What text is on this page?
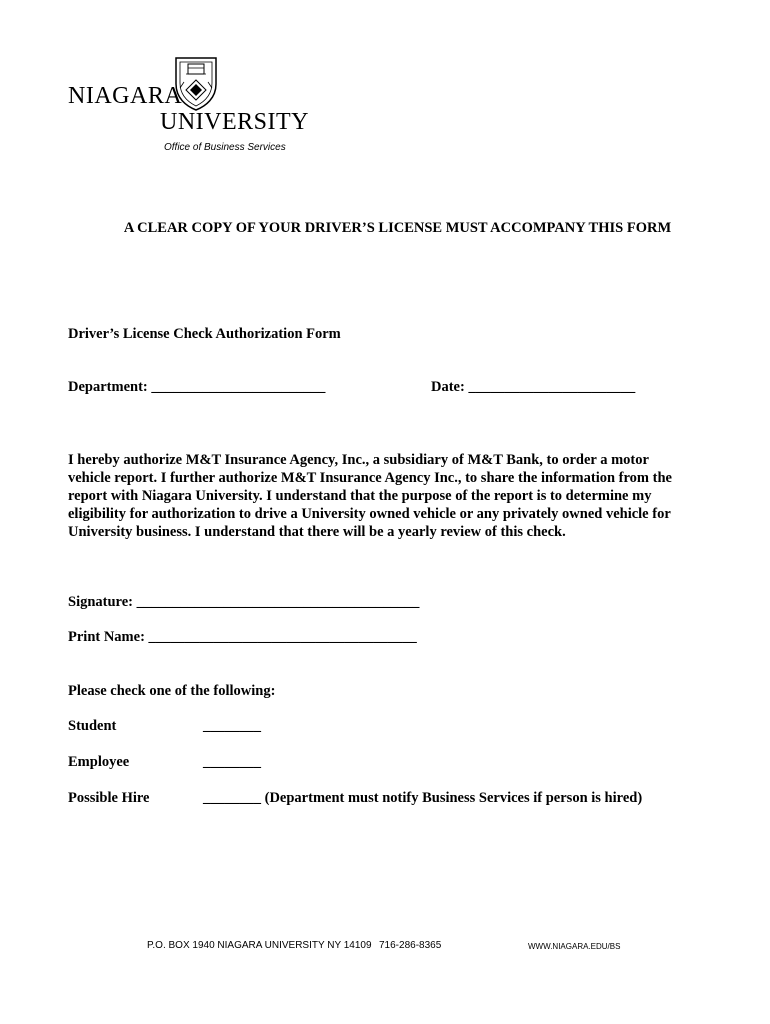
NIAGARA
UNIVERSITY
Office of Business Services
A CLEAR COPY OF YOUR DRIVER’S LICENSE MUST ACCOMPANY THIS FORM
Driver’s License Check Authorization Form
Department: ________________________	Date: _______________________
I hereby authorize M&T Insurance Agency, Inc., a subsidiary of M&T Bank, to order a motor vehicle report. I further authorize M&T Insurance Agency Inc., to share the information from the report with Niagara University. I understand that the purpose of the report is to determine my eligibility for authorization to drive a University owned vehicle or any privately owned vehicle for University business. I understand that there will be a yearly review of this check.
Signature: _______________________________________
Print Name: _____________________________________
Please check one of the following:
Student	________
Employee	________
Possible Hire	________ (Department must notify Business Services if person is hired)
P.O. BOX 1940 NIAGARA UNIVERSITY NY 14109 716-286-8365	WWW.NIAGARA.EDU/BS
